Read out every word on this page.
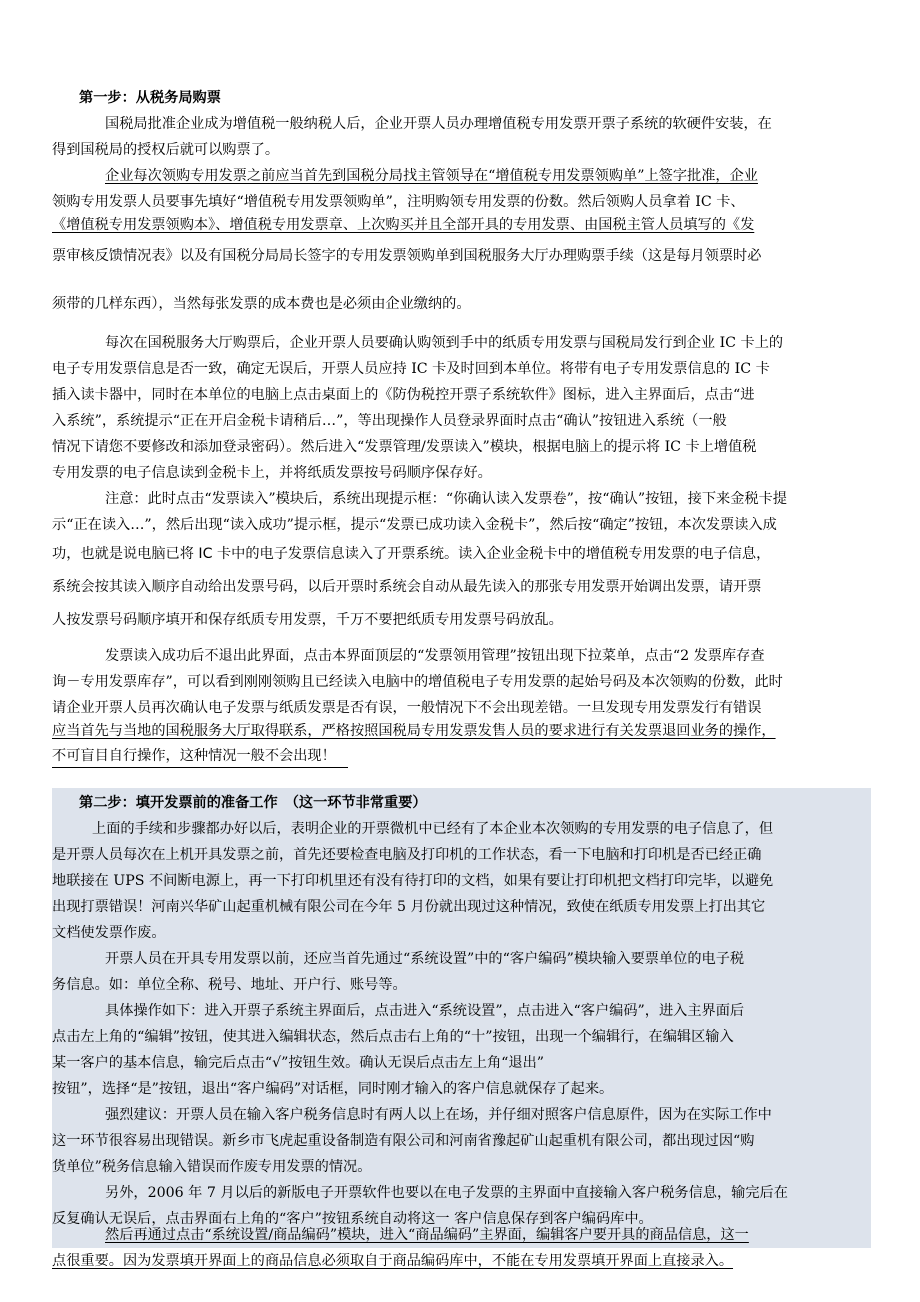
第一步：从税务局购票
国税局批准企业成为增值税一般纳税人后，企业开票人员办理增值税专用发票开票子系统的软硬件安装，在
得到国税局的授权后就可以购票了。
企业每次领购专用发票之前应当首先到国税分局找主管领导在“增值税专用发票领购单”上签字批准，企业
领购专用发票人员要事先填好“增值税专用发票领购单”，注明购领专用发票的份数。然后领购人员拿着 IC 卡、
《增值税专用发票领购本》、增值税专用发票章、上次购买并且全部开具的专用发票、由国税主管人员填写的《发
票审核反馈情况表》以及有国税分局局长签字的专用发票领购单到国税服务大厅办理购票手续（这是每月领票时必
须带的几样东西），当然每张发票的成本费也是必须由企业缴纳的。
每次在国税服务大厅购票后，企业开票人员要确认购领到手中的纸质专用发票与国税局发行到企业 IC 卡上的
电子专用发票信息是否一致，确定无误后，开票人员应持 IC 卡及时回到本单位。将带有电子专用发票信息的 IC 卡
插入读卡器中，同时在本单位的电脑上点击桌面上的《防伪税控开票子系统软件》图标，进入主界面后，点击“进
入系统”，系统提示“正在开启金税卡请稍后…”，等出现操作人员登录界面时点击“确认”按钮进入系统（一般
情况下请您不要修改和添加登录密码）。然后进入“发票管理/发票读入”模块，根据电脑上的提示将 IC 卡上增值税
专用发票的电子信息读到金税卡上，并将纸质发票按号码顺序保存好。
注意：此时点击“发票读入”模块后，系统出现提示框：“你确认读入发票卷”，按“确认”按钮，接下来金税卡提
示“正在读入…”，然后出现“读入成功”提示框，提示“发票已成功读入金税卡”，然后按“确定”按钮，本次发票读入成
功，也就是说电脑已将 IC 卡中的电子发票信息读入了开票系统。读入企业金税卡中的增值税专用发票的电子信息，
系统会按其读入顺序自动给出发票号码，以后开票时系统会自动从最先读入的那张专用发票开始调出发票，请开票
人按发票号码顺序填开和保存纸质专用发票，千万不要把纸质专用发票号码放乱。
发票读入成功后不退出此界面，点击本界面顶层的“发票领用管理”按钮出现下拉菜单，点击“2 发票库存查
询－专用发票库存”，可以看到刚刚领购且已经读入电脑中的增值税电子专用发票的起始号码及本次领购的份数，此时
请企业开票人员再次确认电子发票与纸质发票是否有误，一般情况下不会出现差错。一旦发现专用发票发行有错误
应当首先与当地的国税服务大厅取得联系，严格按照国税局专用发票发售人员的要求进行有关发票退回业务的操作，
不可盲目自行操作，这种情况一般不会出现！
第二步：填开发票前的准备工作　（这一环节非常重要）
上面的手续和步骤都办好以后，表明企业的开票微机中已经有了本企业本次领购的专用发票的电子信息了，但
是开票人员每次在上机开具发票之前，首先还要检查电脑及打印机的工作状态，看一下电脑和打印机是否已经正确
地联接在 UPS 不间断电源上，再一下打印机里还有没有待打印的文档，如果有要让打印机把文档打印完毕，以避免
出现打票错误！河南兴华矿山起重机械有限公司在今年 5 月份就出现过这种情况，致使在纸质专用发票上打出其它
文档使发票作废。
开票人员在开具专用发票以前，还应当首先通过“系统设置”中的“客户编码”模块输入要票单位的电子税
务信息。如：单位全称、税号、地址、开户行、账号等。
具体操作如下：进入开票子系统主界面后，点击进入“系统设置”，点击进入“客户编码”，进入主界面后
点击左上角的“编辑”按钮，使其进入编辑状态，然后点击右上角的“十”按钮，出现一个编辑行，在编辑区输入
某一客户的基本信息，输完后点击“√”按钮生效。确认无误后点击左上角“退出”
按钮”，选择“是”按钮，退出“客户编码”对话框，同时刚才输入的客户信息就保存了起来。
强烈建议：开票人员在输入客户税务信息时有两人以上在场，并仔细对照客户信息原件，因为在实际工作中
这一环节很容易出现错误。新乡市飞虎起重设备制造有限公司和河南省豫起矿山起重机有限公司，都出现过因“购
货单位”税务信息输入错误而作废专用发票的情况。
另外，2006 年 7 月以后的新版电子开票软件也要以在电子发票的主界面中直接输入客户税务信息，输完后在
反复确认无误后，点击界面右上角的“客户”按钮系统自动将这一 客户信息保存到客户编码库中。
然后再通过点击“系统设置/商品编码”模块，进入“商品编码”主界面，编辑客户要开具的商品信息，这一
点很重要。因为发票填开界面上的商品信息必须取自于商品编码库中，不能在专用发票填开界面上直接录入。
